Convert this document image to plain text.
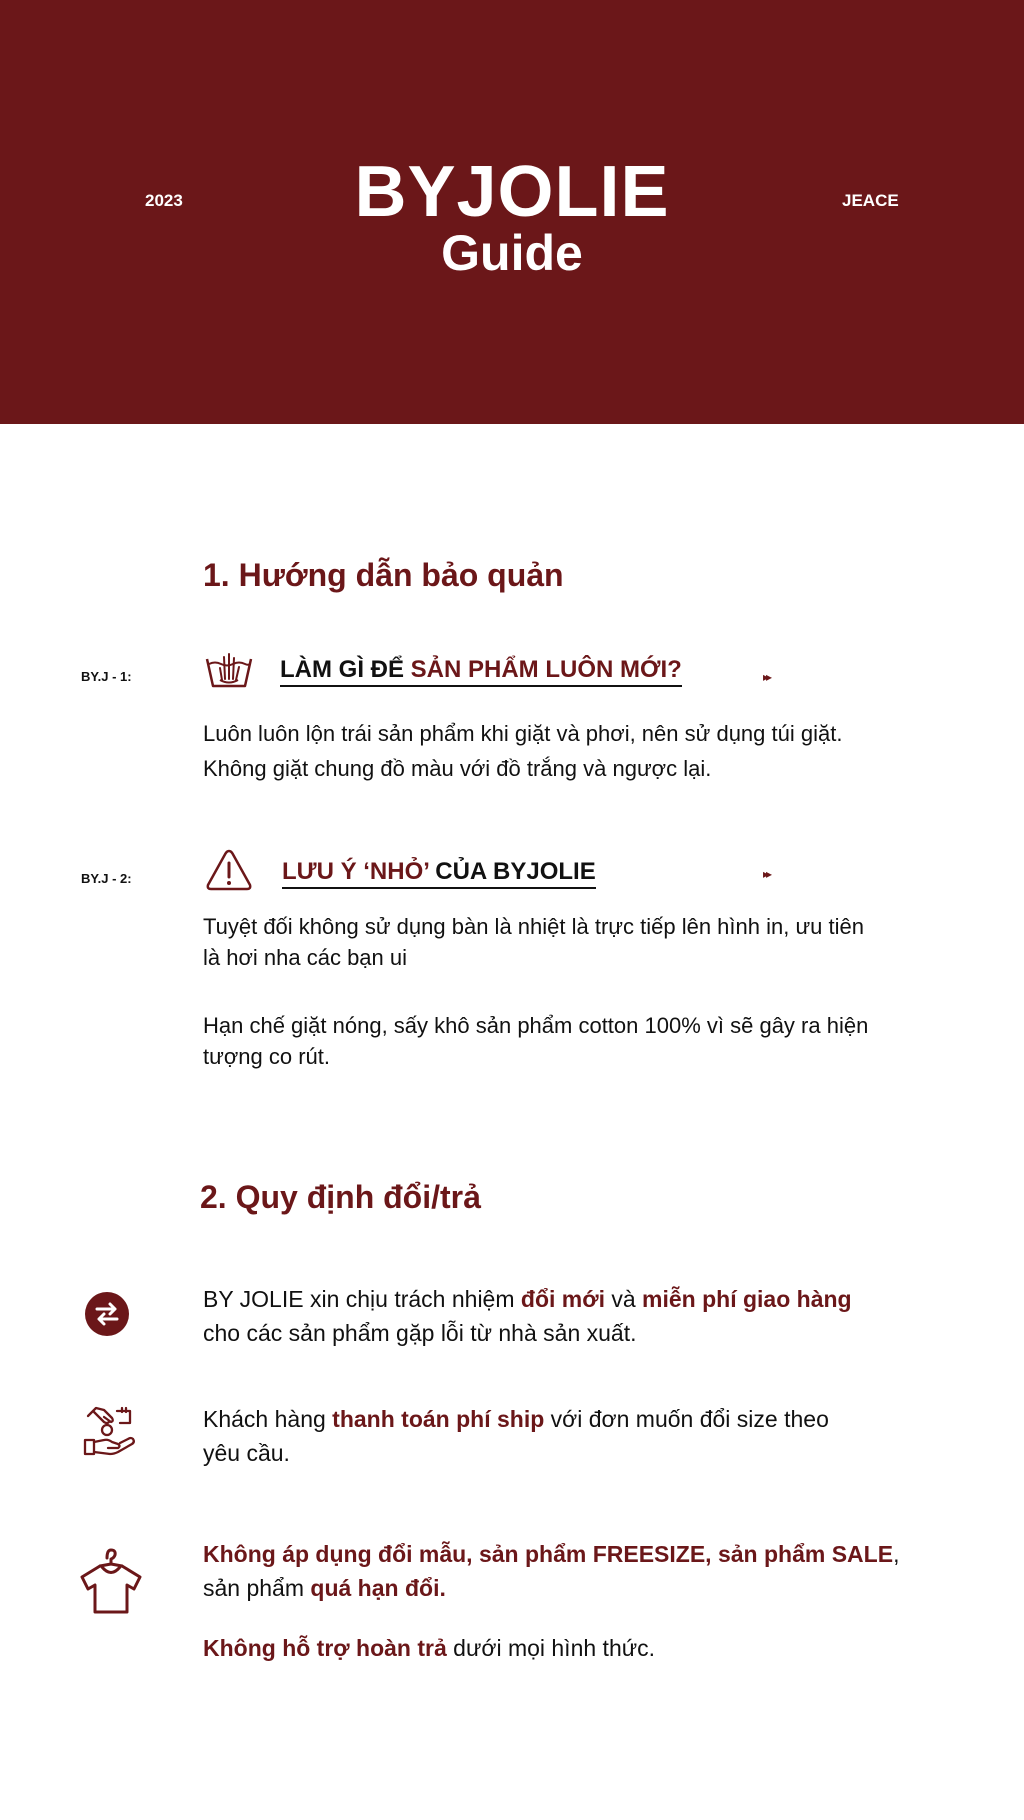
2023	BYJOLIE
Guide
JEACE
1. Hướng dẫn bảo quản
BY.J - 1:	LÀM GÌ ĐỂ SẢN PHẨM LUÔN MỚI?	▸▸
Luôn luôn lộn trái sản phẩm khi giặt và phơi, nên sử dụng túi giặt.
Không giặt chung đồ màu với đồ trắng và ngược lại.
BY.J - 2:	LƯU Ý ‘NHỎ’ CỦA BYJOLIE	▸▸
Tuyệt đối không sử dụng bàn là nhiệt là trực tiếp lên hình in, ưu tiên
là hơi nha các bạn ui
Hạn chế giặt nóng, sấy khô sản phẩm cotton 100% vì sẽ gây ra hiện
tượng co rút.
2. Quy định đổi/trả
BY JOLIE xin chịu trách nhiệm đổi mới và miễn phí giao hàng
cho các sản phẩm gặp lỗi từ nhà sản xuất.
Khách hàng thanh toán phí ship với đơn muốn đổi size theo
yêu cầu.
Không áp dụng đổi mẫu, sản phẩm FREESIZE, sản phẩm SALE,
sản phẩm quá hạn đổi.
Không hỗ trợ hoàn trả dưới mọi hình thức.
